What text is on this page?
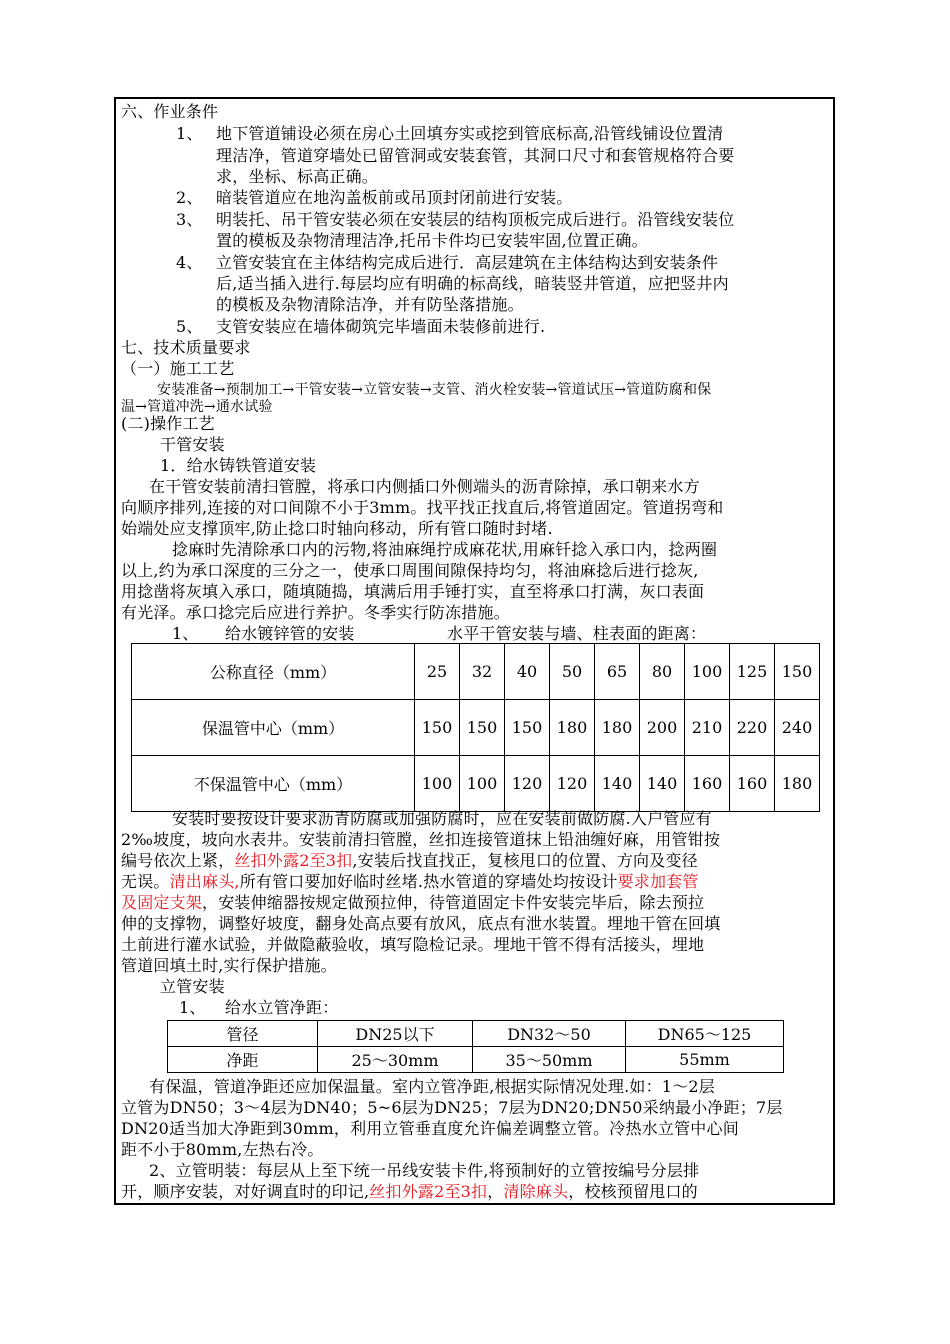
六、作业条件
1、 地下管道铺设必须在房心土回填夯实或挖到管底标高,沿管线铺设位置清
理洁净，管道穿墙处已留管洞或安装套管，其洞口尺寸和套管规格符合要
求，坐标、标高正确。
2、 暗装管道应在地沟盖板前或吊顶封闭前进行安装。
3、 明装托、吊干管安装必须在安装层的结构顶板完成后进行。沿管线安装位
置的模板及杂物清理洁净,托吊卡件均已安装牢固,位置正确。
4、 立管安装宜在主体结构完成后进行．高层建筑在主体结构达到安装条件
后,适当插入进行.每层均应有明确的标高线，暗装竖井管道，应把竖井内
的模板及杂物清除洁净，并有防坠落措施。
5、 支管安装应在墙体砌筑完毕墙面未装修前进行.
七、技术质量要求
（一）施工工艺
安装准备→预制加工→干管安装→立管安装→支管、消火栓安装→管道试压→管道防腐和保
温→管道冲洗→通水试验
(二)操作工艺
干管安装
1．给水铸铁管道安装
在干管安装前清扫管膛，将承口内侧插口外侧端头的沥青除掉，承口朝来水方
向顺序排列,连接的对口间隙不小于3mm。找平找正找直后,将管道固定。管道拐弯和
始端处应支撑顶牢,防止捻口时轴向移动，所有管口随时封堵.
捻麻时先清除承口内的污物,将油麻绳拧成麻花状,用麻钎捻入承口内，捻两圈
以上,约为承口深度的三分之一，使承口周围间隙保持均匀，将油麻捻后进行捻灰,
用捻凿将灰填入承口，随填随捣，填满后用手锤打实，直至将承口打满，灰口表面
有光泽。承口捻完后应进行养护。冬季实行防冻措施。
1、 给水镀锌管的安装	水平干管安装与墙、柱表面的距离：
公称直径（mm）	25	32	40	50	65	80	100	125	150
保温管中心（mm）	150	150	150	180	180	200	210	220	240
不保温管中心（mm）	100	100	120	120	140	140	160	160	180
安装时要按设计要求沥青防腐或加强防腐时，应在安装前做防腐.入户管应有
2‰坡度，坡向水表井。安装前清扫管膛，丝扣连接管道抹上铅油缠好麻，用管钳按
编号依次上紧，丝扣外露2至3扣,安装后找直找正，复核甩口的位置、方向及变径
无误。清出麻头,所有管口要加好临时丝堵.热水管道的穿墙处均按设计要求加套管
及固定支架，安装伸缩器按规定做预拉伸，待管道固定卡件安装完毕后，除去预拉
伸的支撑物，调整好坡度，翻身处高点要有放风，底点有泄水装置。埋地干管在回填
土前进行灌水试验，并做隐蔽验收，填写隐检记录。埋地干管不得有活接头，埋地
管道回填土时,实行保护措施。
立管安装
1、 给水立管净距：
管径	DN25以下	DN32～50	DN65～125
净距	25～30mm	35～50mm	55mm
有保温，管道净距还应加保温量。室内立管净距,根据实际情况处理.如：1～2层
立管为DN50；3～4层为DN40；5~6层为DN25；7层为DN20;DN50采纳最小净距；7层
DN20适当加大净距到30mm，利用立管垂直度允许偏差调整立管。冷热水立管中心间
距不小于80mm,左热右冷。
2、立管明装：每层从上至下统一吊线安装卡件,将预制好的立管按编号分层排
开，顺序安装，对好调直时的印记,丝扣外露2至3扣，清除麻头，校核预留甩口的
